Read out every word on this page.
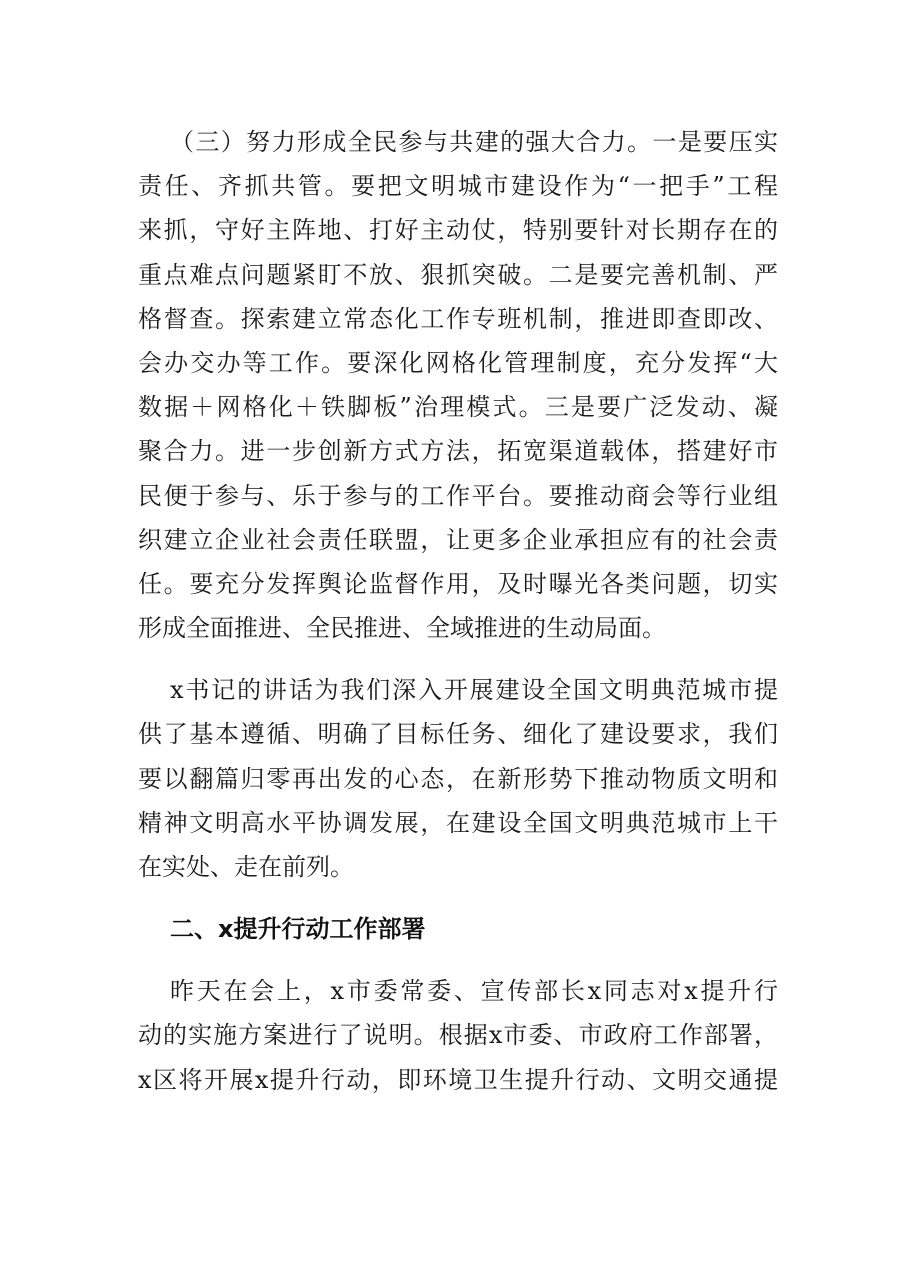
（三）努力形成全民参与共建的强大合力。一是要压实
责任、齐抓共管。要把文明城市建设作为“一把手”工程
来抓，守好主阵地、打好主动仗，特别要针对长期存在的
重点难点问题紧盯不放、狠抓突破。二是要完善机制、严
格督查。探索建立常态化工作专班机制，推进即查即改、
会办交办等工作。要深化网格化管理制度，充分发挥“大
数据＋网格化＋铁脚板”治理模式。三是要广泛发动、凝
聚合力。进一步创新方式方法，拓宽渠道载体，搭建好市
民便于参与、乐于参与的工作平台。要推动商会等行业组
织建立企业社会责任联盟，让更多企业承担应有的社会责
任。要充分发挥舆论监督作用，及时曝光各类问题，切实
形成全面推进、全民推进、全域推进的生动局面。
x书记的讲话为我们深入开展建设全国文明典范城市提
供了基本遵循、明确了目标任务、细化了建设要求，我们
要以翻篇归零再出发的心态，在新形势下推动物质文明和
精神文明高水平协调发展，在建设全国文明典范城市上干
在实处、走在前列。
二、x提升行动工作部署
昨天在会上，x市委常委、宣传部长x同志对x提升行
动的实施方案进行了说明。根据x市委、市政府工作部署，
x区将开展x提升行动，即环境卫生提升行动、文明交通提
